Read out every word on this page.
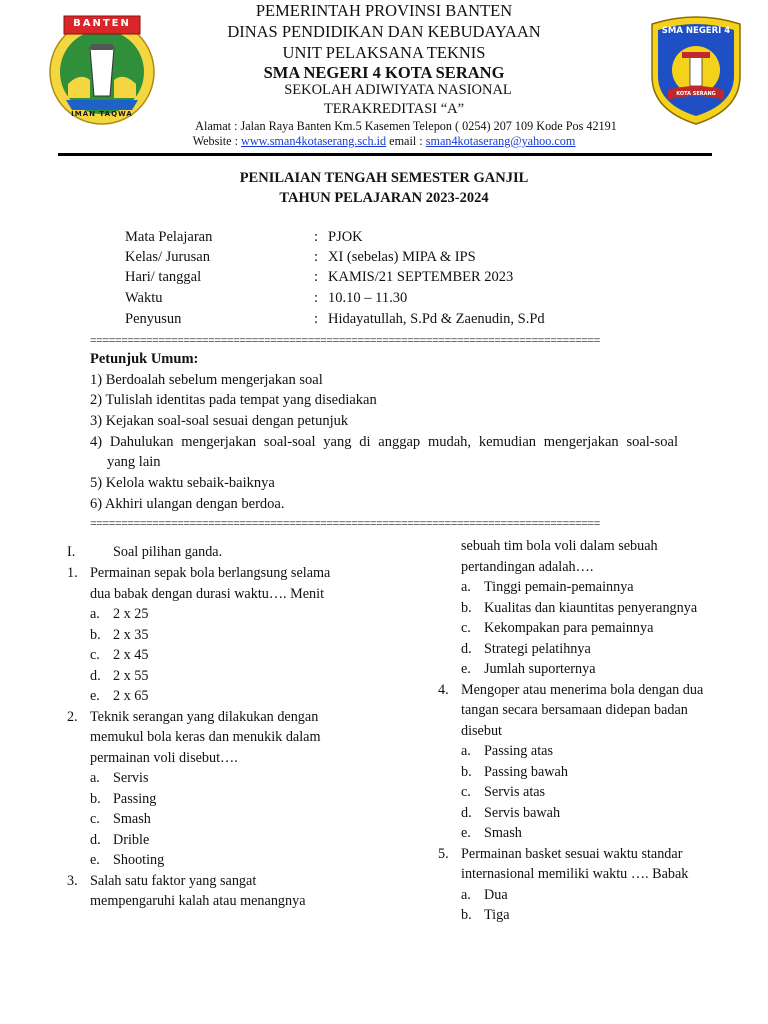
BANTEN
IMAN TAQWA
SMA NEGERI 4
KOTA SERANG
PEMERINTAH PROVINSI BANTEN
DINAS PENDIDIKAN DAN KEBUDAYAAN
UNIT PELAKSANA TEKNIS
SMA NEGERI 4 KOTA SERANG
SEKOLAH ADIWIYATA NASIONAL
TERAKREDITASI “A”
Alamat : Jalan Raya Banten Km.5 Kasemen Telepon ( 0254) 207 109 Kode Pos 42191
Website : www.sman4kotaserang.sch.id email : sman4kotaserang@yahoo.com
PENILAIAN TENGAH SEMESTER GANJIL
TAHUN PELAJARAN 2023-2024
Mata Pelajaran	: PJOK
Kelas/ Jurusan	: XI (sebelas) MIPA & IPS
Hari/ tanggal	: KAMIS/21 SEPTEMBER 2023
Waktu	: 10.10 – 11.30
Penyusun	: Hidayatullah, S.Pd & Zaenudin, S.Pd
==================================================================================
Petunjuk Umum:
1) Berdoalah sebelum mengerjakan soal
2) Tulislah identitas pada tempat yang disediakan
3) Kejakan soal-soal sesuai dengan petunjuk
4) Dahulukan mengerjakan soal-soal yang di anggap mudah, kemudian mengerjakan soal-soal
yang lain
5) Kelola waktu sebaik-baiknya
6) Akhiri ulangan dengan berdoa.
==================================================================================
I.	Soal pilihan ganda.
1. Permainan sepak bola berlangsung selama
dua babak dengan durasi waktu…. Menit
a. 2 x 25
b. 2 x 35
c. 2 x 45
d. 2 x 55
e. 2 x 65
2. Teknik serangan yang dilakukan dengan
memukul bola keras dan menukik dalam
permainan voli disebut….
a. Servis
b. Passing
c. Smash
d. Drible
e. Shooting
3. Salah satu faktor yang sangat
mempengaruhi kalah atau menangnya
sebuah tim bola voli dalam sebuah
pertandingan adalah….
a. Tinggi pemain-pemainnya
b. Kualitas dan kiauntitas penyerangnya
c. Kekompakan para pemainnya
d. Strategi pelatihnya
e. Jumlah suporternya
4. Mengoper atau menerima bola dengan dua
tangan secara bersamaan didepan badan
disebut
a. Passing atas
b. Passing bawah
c. Servis atas
d. Servis bawah
e. Smash
5. Permainan basket sesuai waktu standar
internasional memiliki waktu …. Babak
a. Dua
b. Tiga
